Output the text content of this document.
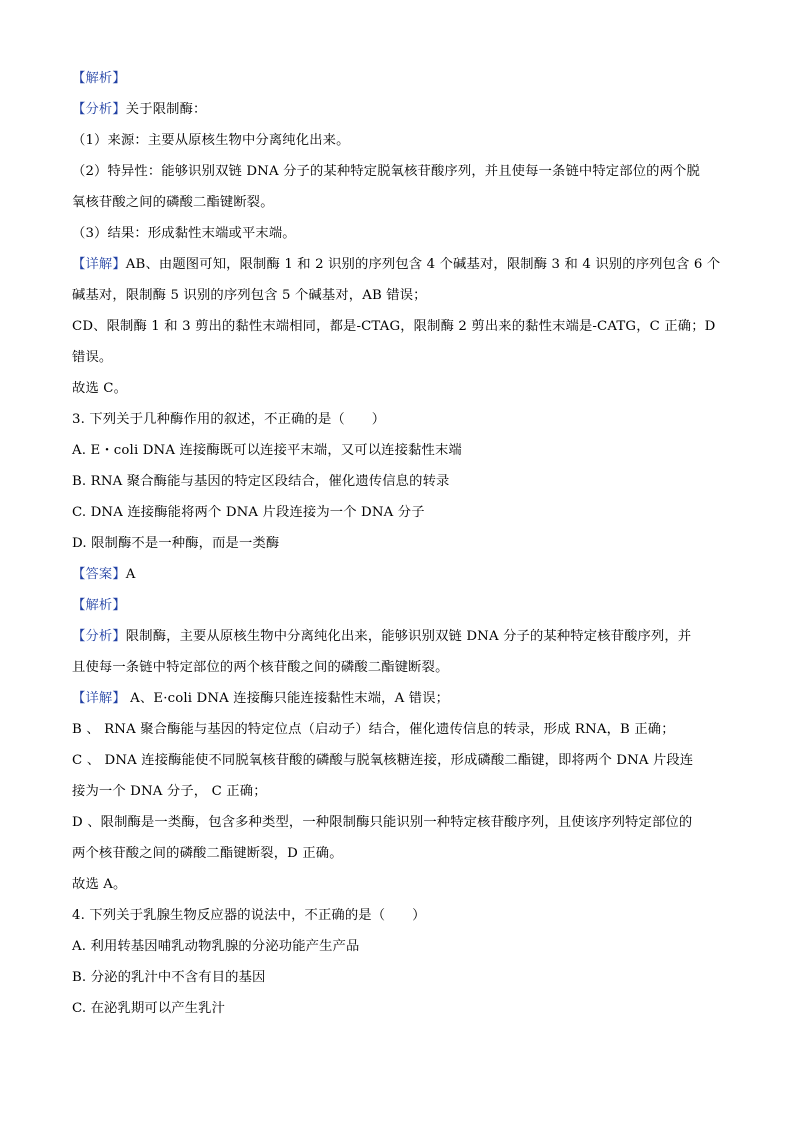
【解析】
【分析】关于限制酶：
（1）来源：主要从原核生物中分离纯化出来。
（2）特异性：能够识别双链 DNA 分子的某种特定脱氧核苷酸序列，并且使每一条链中特定部位的两个脱
氧核苷酸之间的磷酸二酯键断裂。
（3）结果：形成黏性末端或平末端。
【详解】AB、由题图可知，限制酶 1 和 2 识别的序列包含 4 个碱基对，限制酶 3 和 4 识别的序列包含 6 个
碱基对，限制酶 5 识别的序列包含 5 个碱基对，AB 错误；
CD、限制酶 1 和 3 剪出的黏性末端相同，都是-CTAG，限制酶 2 剪出来的黏性末端是-CATG，C 正确；D
错误。
故选 C。
3. 下列关于几种酶作用的叙述，不正确的是（　　）
A. E・coli DNA 连接酶既可以连接平末端，又可以连接黏性末端
B. RNA 聚合酶能与基因的特定区段结合，催化遗传信息的转录
C. DNA 连接酶能将两个 DNA 片段连接为一个 DNA 分子
D. 限制酶不是一种酶，而是一类酶
【答案】A
【解析】
【分析】限制酶，主要从原核生物中分离纯化出来，能够识别双链 DNA 分子的某种特定核苷酸序列，并
且使每一条链中特定部位的两个核苷酸之间的磷酸二酯键断裂。
【详解】 A、E·coli DNA 连接酶只能连接黏性末端，A 错误；
B 、 RNA 聚合酶能与基因的特定位点（启动子）结合，催化遗传信息的转录，形成 RNA，B 正确；
C 、 DNA 连接酶能使不同脱氧核苷酸的磷酸与脱氧核糖连接，形成磷酸二酯键，即将两个 DNA 片段连
接为一个 DNA 分子， C 正确；
D 、限制酶是一类酶，包含多种类型，一种限制酶只能识别一种特定核苷酸序列，且使该序列特定部位的
两个核苷酸之间的磷酸二酯键断裂，D 正确。
故选 A。
4. 下列关于乳腺生物反应器的说法中，不正确的是（　　）
A. 利用转基因哺乳动物乳腺的分泌功能产生产品
B. 分泌的乳汁中不含有目的基因
C. 在泌乳期可以产生乳汁
